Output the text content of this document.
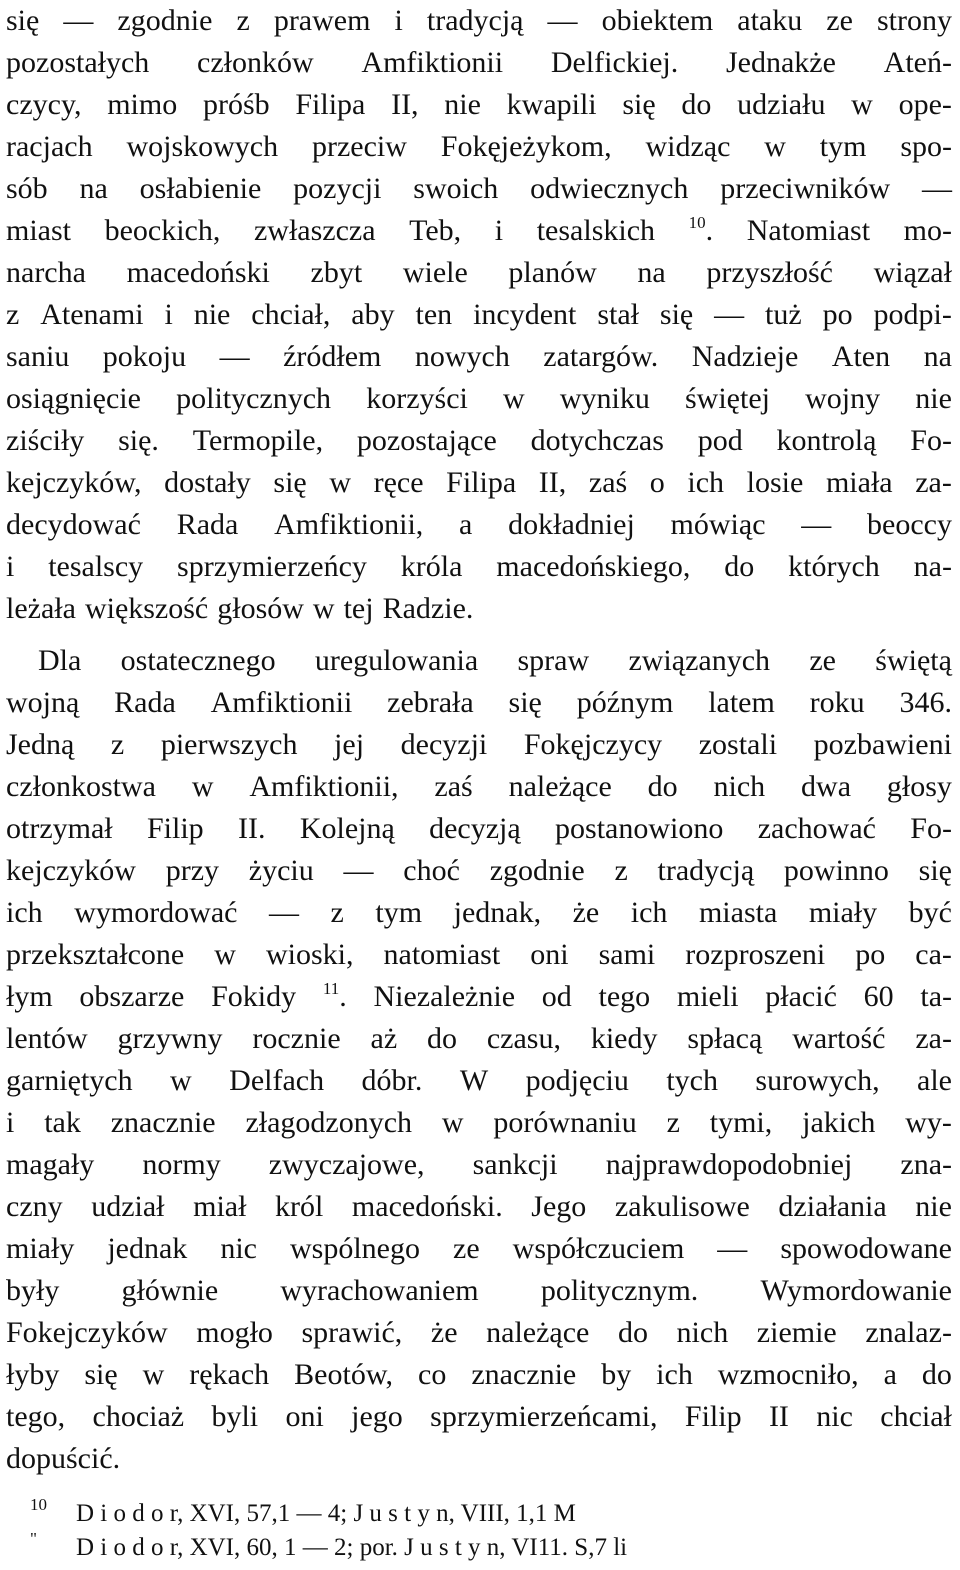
się — zgodnie z prawem i tradycją — obiektem ataku ze strony
pozostałych członków Amfiktionii Delfickiej. Jednakże Ateń-
czycy, mimo próśb Filipa II, nie kwapili się do udziału w ope-
racjach wojskowych przeciw Fokęjeżykom, widząc w tym spo-
sób na osłabienie pozycji swoich odwiecznych przeciwników —
miast beockich, zwłaszcza Teb, i tesalskich $^{10}$. Natomiast mo-
narcha macedoński zbyt wiele planów na przyszłość wiązał
z Atenami i nie chciał, aby ten incydent stał się — tuż po podpi-
saniu pokoju — źródłem nowych zatargów. Nadzieje Aten na
osiągnięcie politycznych korzyści w wyniku świętej wojny nie
ziściły się. Termopile, pozostające dotychczas pod kontrolą Fo-
kejczyków, dostały się w ręce Filipa II, zaś o ich losie miała za-
decydować Rada Amfiktionii, a dokładniej mówiąc — beoccy
i tesalscy sprzymierzeńcy króla macedońskiego, do których na-
leżała większość głosów w tej Radzie.
Dla ostatecznego uregulowania spraw związanych ze świętą
wojną Rada Amfiktionii zebrała się późnym latem roku 346.
Jedną z pierwszych jej decyzji Fokęjczycy zostali pozbawieni
członkostwa w Amfiktionii, zaś należące do nich dwa głosy
otrzymał Filip II. Kolejną decyzją postanowiono zachować Fo-
kejczyków przy życiu — choć zgodnie z tradycją powinno się
ich wymordować — z tym jednak, że ich miasta miały być
przekształcone w wioski, natomiast oni sami rozproszeni po ca-
łym obszarze Fokidy $^{11}$. Niezależnie od tego mieli płacić 60 ta-
lentów grzywny rocznie aż do czasu, kiedy spłacą wartość za-
garniętych w Delfach dóbr. W podjęciu tych surowych, ale
i tak znacznie złagodzonych w porównaniu z tymi, jakich wy-
magały normy zwyczajowe, sankcji najprawdopodobniej zna-
czny udział miał król macedoński. Jego zakulisowe działania nie
miały jednak nic wspólnego ze współczuciem — spowodowane
były głównie wyrachowaniem politycznym. Wymordowanie
Fokejczyków mogło sprawić, że należące do nich ziemie znalaz-
łyby się w rękach Beotów, co znacznie by ich wzmocniło, a do
tego, chociaż byli oni jego sprzymierzeńcami, Filip II nic chciał
dopuścić.
10 D i o d o r, XVI, 57,1 — 4; J u s t y n, VIII, 1,1 M
" D i o d o r, XVI, 60, 1 — 2; por. J u s t y n, VI11. S,7 li
